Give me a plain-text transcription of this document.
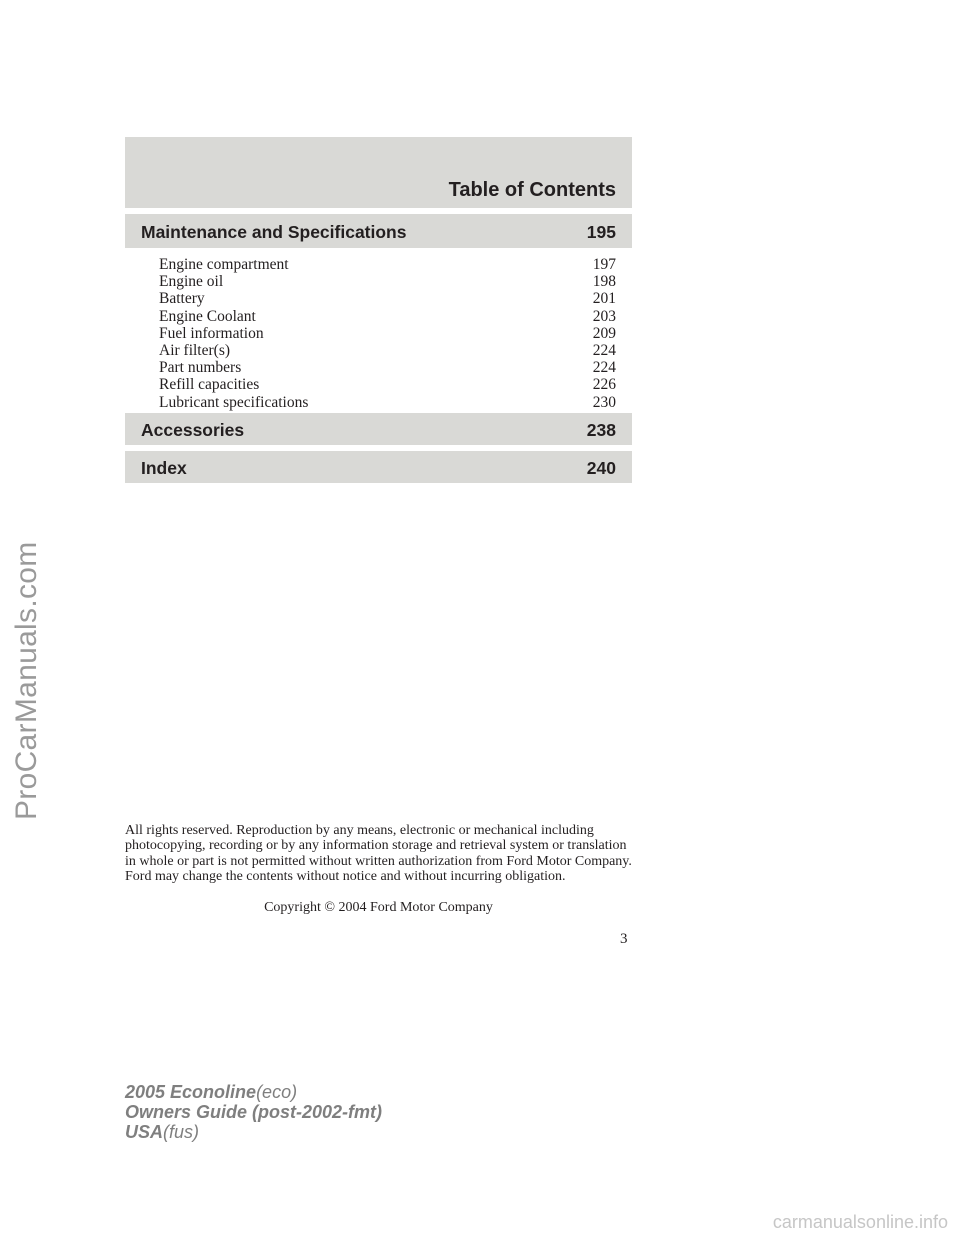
ProCarManuals.com
Table of Contents
Maintenance and Specifications	195
Engine compartment	197
Engine oil	198
Battery	201
Engine Coolant	203
Fuel information	209
Air filter(s)	224
Part numbers	224
Refill capacities	226
Lubricant specifications	230
Accessories	238
Index	240
All rights reserved. Reproduction by any means, electronic or mechanical including photocopying, recording or by any information storage and retrieval system or translation in whole or part is not permitted without written authorization from Ford Motor Company. Ford may change the contents without notice and without incurring obligation.
Copyright © 2004 Ford Motor Company
3
2005 Econoline(eco)
Owners Guide (post-2002-fmt)
USA(fus)
carmanualsonline.info
